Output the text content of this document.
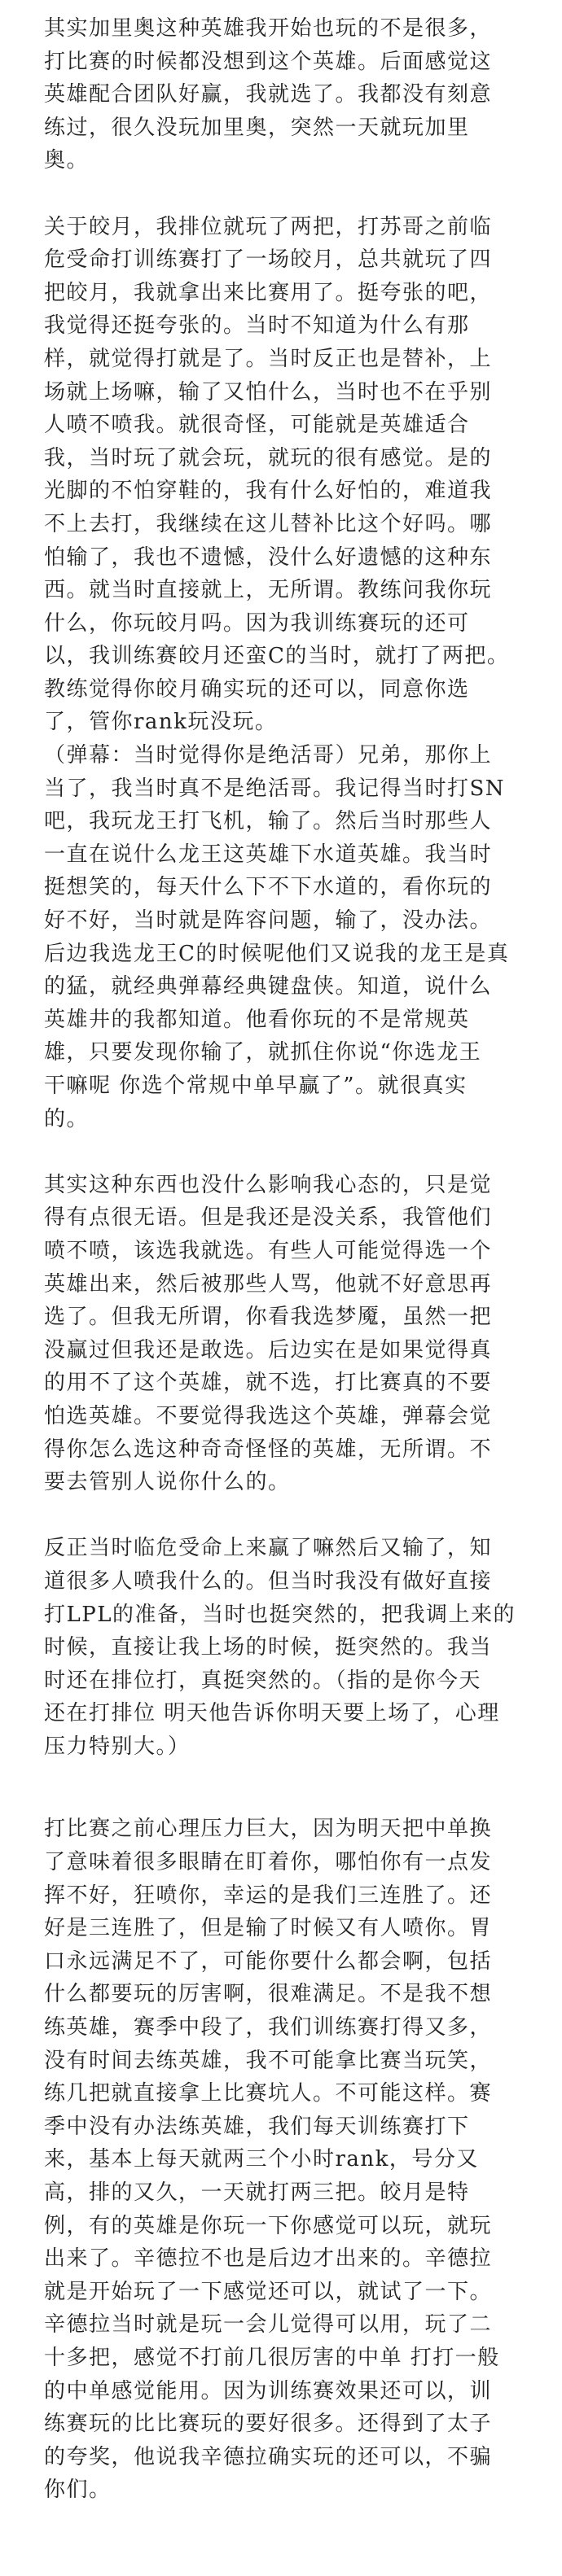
其实加里奥这种英雄我开始也玩的不是很多，
打比赛的时候都没想到这个英雄。后面感觉这
英雄配合团队好赢，我就选了。我都没有刻意
练过，很久没玩加里奥，突然一天就玩加里
奥。
关于皎月，我排位就玩了两把，打苏哥之前临
危受命打训练赛打了一场皎月，总共就玩了四
把皎月，我就拿出来比赛用了。挺夸张的吧，
我觉得还挺夸张的。当时不知道为什么有那
样，就觉得打就是了。当时反正也是替补，上
场就上场嘛，输了又怕什么，当时也不在乎别
人喷不喷我。就很奇怪，可能就是英雄适合
我，当时玩了就会玩，就玩的很有感觉。是的
光脚的不怕穿鞋的，我有什么好怕的，难道我
不上去打，我继续在这儿替补比这个好吗。哪
怕输了，我也不遗憾，没什么好遗憾的这种东
西。就当时直接就上，无所谓。教练问我你玩
什么，你玩皎月吗。因为我训练赛玩的还可
以，我训练赛皎月还蛮C的当时，就打了两把。
教练觉得你皎月确实玩的还可以，同意你选
了，管你rank玩没玩。
（弹幕：当时觉得你是绝活哥）兄弟，那你上
当了，我当时真不是绝活哥。我记得当时打SN
吧，我玩龙王打飞机，输了。然后当时那些人
一直在说什么龙王这英雄下水道英雄。我当时
挺想笑的，每天什么下不下水道的，看你玩的
好不好，当时就是阵容问题，输了，没办法。
后边我选龙王C的时候呢他们又说我的龙王是真
的猛，就经典弹幕经典键盘侠。知道，说什么
英雄井的我都知道。他看你玩的不是常规英
雄，只要发现你输了，就抓住你说“你选龙王
干嘛呢 你选个常规中单早赢了”。就很真实
的。
其实这种东西也没什么影响我心态的，只是觉
得有点很无语。但是我还是没关系，我管他们
喷不喷，该选我就选。有些人可能觉得选一个
英雄出来，然后被那些人骂，他就不好意思再
选了。但我无所谓，你看我选梦魇，虽然一把
没赢过但我还是敢选。后边实在是如果觉得真
的用不了这个英雄，就不选，打比赛真的不要
怕选英雄。不要觉得我选这个英雄，弹幕会觉
得你怎么选这种奇奇怪怪的英雄，无所谓。不
要去管别人说你什么的。
反正当时临危受命上来赢了嘛然后又输了，知
道很多人喷我什么的。但当时我没有做好直接
打LPL的准备，当时也挺突然的，把我调上来的
时候，直接让我上场的时候，挺突然的。我当
时还在排位打，真挺突然的。（指的是你今天
还在打排位 明天他告诉你明天要上场了，心理
压力特别大。）
打比赛之前心理压力巨大，因为明天把中单换
了意味着很多眼睛在盯着你，哪怕你有一点发
挥不好，狂喷你，幸运的是我们三连胜了。还
好是三连胜了，但是输了时候又有人喷你。胃
口永远满足不了，可能你要什么都会啊，包括
什么都要玩的厉害啊，很难满足。不是我不想
练英雄，赛季中段了，我们训练赛打得又多，
没有时间去练英雄，我不可能拿比赛当玩笑，
练几把就直接拿上比赛坑人。不可能这样。赛
季中没有办法练英雄，我们每天训练赛打下
来，基本上每天就两三个小时rank，号分又
高，排的又久，一天就打两三把。皎月是特
例，有的英雄是你玩一下你感觉可以玩，就玩
出来了。辛德拉不也是后边才出来的。辛德拉
就是开始玩了一下感觉还可以，就试了一下。
辛德拉当时就是玩一会儿觉得可以用，玩了二
十多把，感觉不打前几很厉害的中单 打打一般
的中单感觉能用。因为训练赛效果还可以，训
练赛玩的比比赛玩的要好很多。还得到了太子
的夸奖，他说我辛德拉确实玩的还可以，不骗
你们。
